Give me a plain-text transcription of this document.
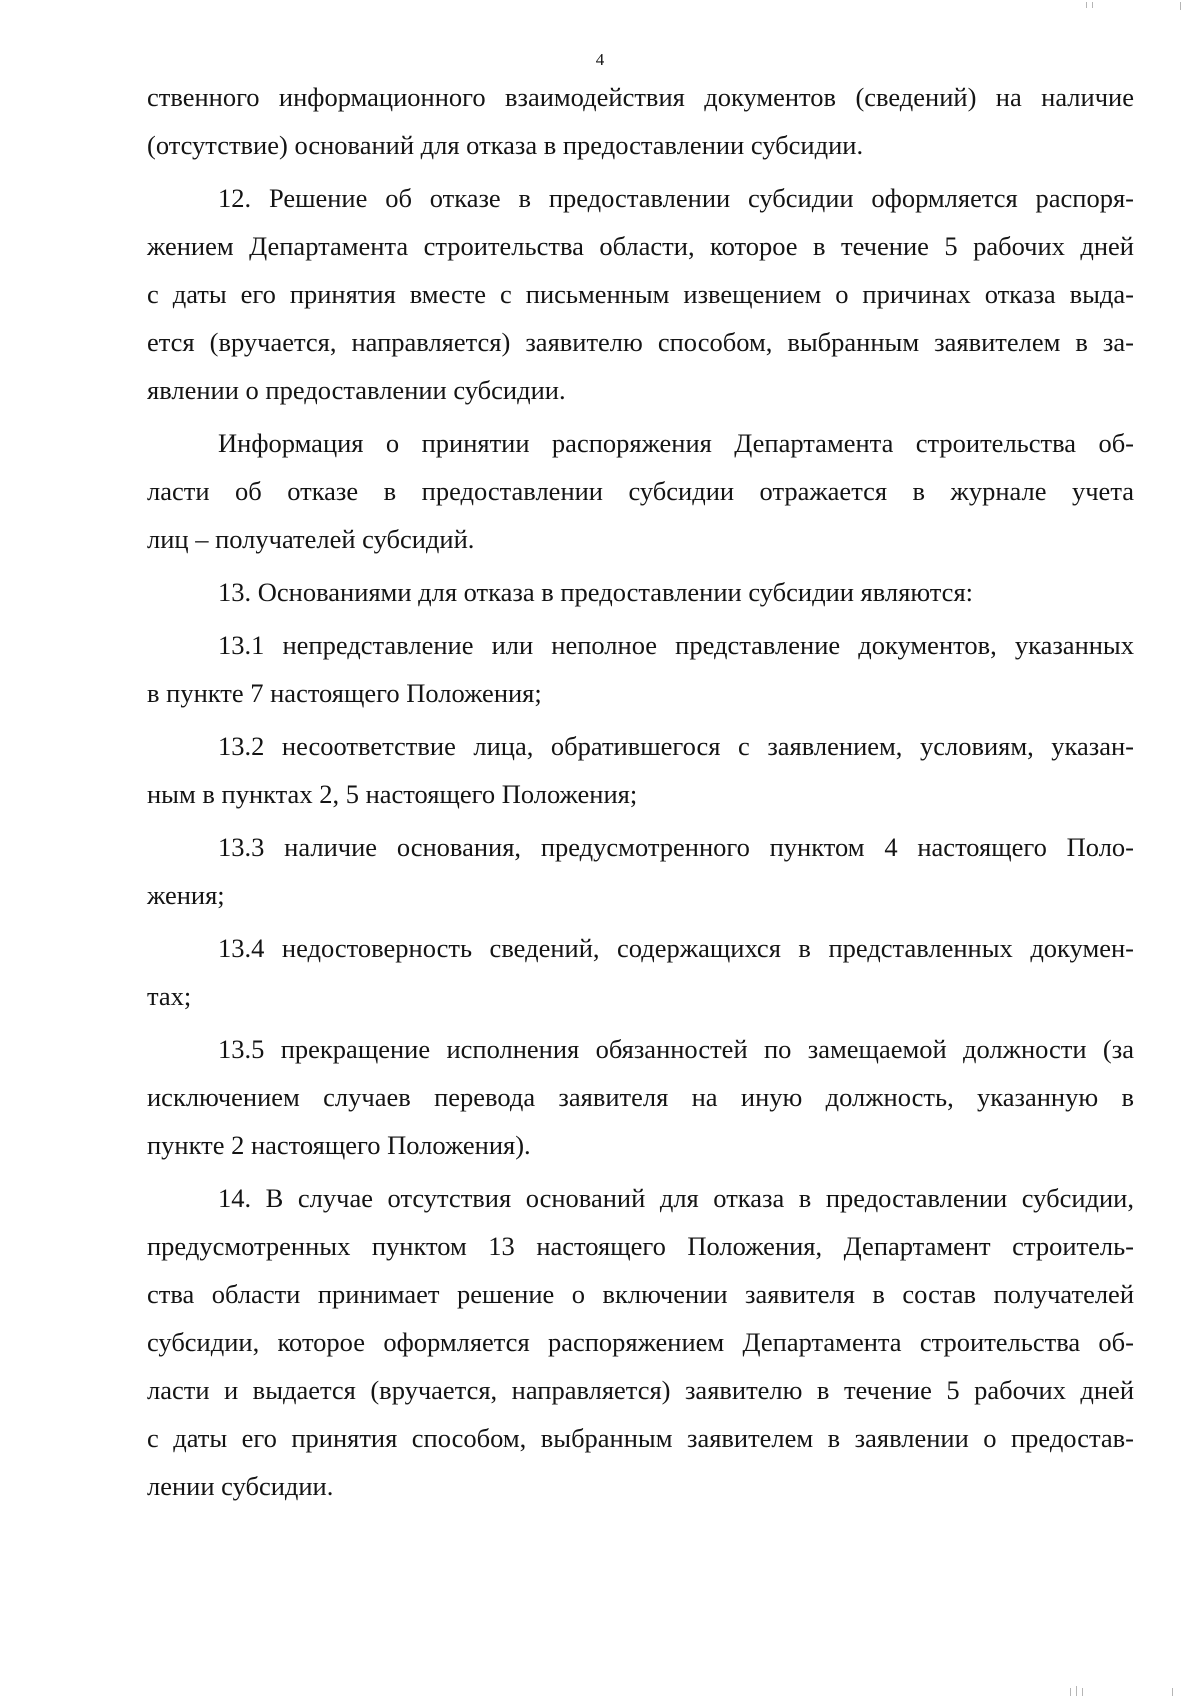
4
ственного информационного взаимодействия документов (сведений) на наличие
(отсутствие) оснований для отказа в предоставлении субсидии.
12. Решение об отказе в предоставлении субсидии оформляется распоря-
жением Департамента строительства области, которое в течение 5 рабочих дней
с даты его принятия вместе с письменным извещением о причинах отказа выда-
ется (вручается, направляется) заявителю способом, выбранным заявителем в за-
явлении о предоставлении субсидии.
Информация о принятии распоряжения Департамента строительства об-
ласти об отказе в предоставлении субсидии отражается в журнале учета
лиц – получателей субсидий.
13. Основаниями для отказа в предоставлении субсидии являются:
13.1 непредставление или неполное представление документов, указанных
в пункте 7 настоящего Положения;
13.2 несоответствие лица, обратившегося с заявлением, условиям, указан-
ным в пунктах 2, 5 настоящего Положения;
13.3 наличие основания, предусмотренного пунктом 4 настоящего Поло-
жения;
13.4 недостоверность сведений, содержащихся в представленных докумен-
тах;
13.5 прекращение исполнения обязанностей по замещаемой должности (за
исключением случаев перевода заявителя на иную должность, указанную в
пункте 2 настоящего Положения).
14. В случае отсутствия оснований для отказа в предоставлении субсидии,
предусмотренных пунктом 13 настоящего Положения, Департамент строитель-
ства области принимает решение о включении заявителя в состав получателей
субсидии, которое оформляется распоряжением Департамента строительства об-
ласти и выдается (вручается, направляется) заявителю в течение 5 рабочих дней
с даты его принятия способом, выбранным заявителем в заявлении о предостав-
лении субсидии.
